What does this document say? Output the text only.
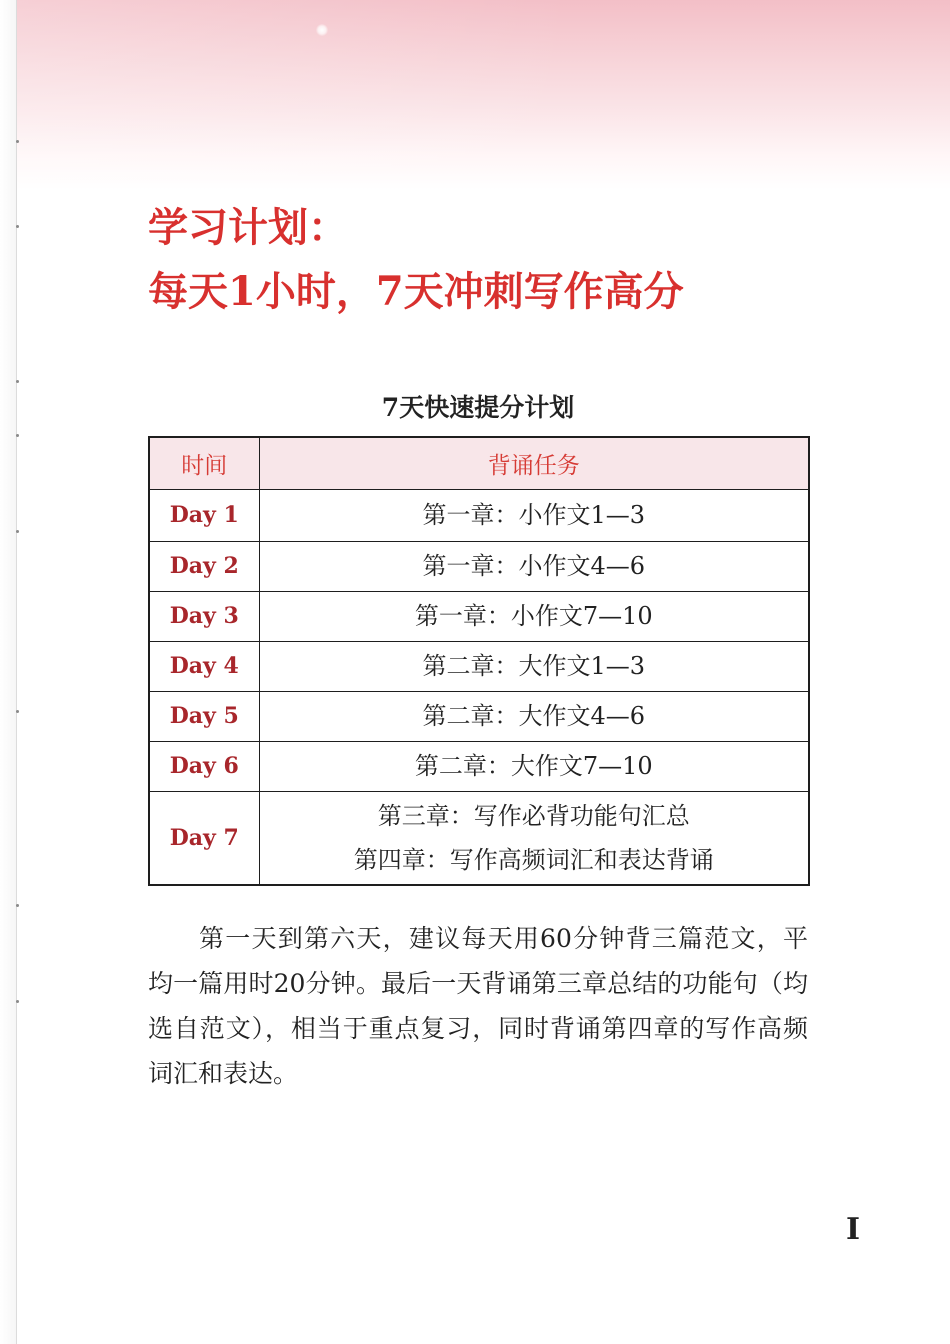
学习计划：
每天1小时，7天冲刺写作高分
7天快速提分计划
时间	背诵任务
Day 1	第一章：小作文1—3

Day 2	第一章：小作文4—6

Day 3	第一章：小作文7—10

Day 4	第二章：大作文1—3

Day 5	第二章：大作文4—6

Day 6	第二章：大作文7—10

Day 7	第三章：写作必背功能句汇总
第四章：写作高频词汇和表达背诵
第一天到第六天，建议每天用60分钟背三篇范文，平
均一篇用时20分钟。最后一天背诵第三章总结的功能句（均
选自范文），相当于重点复习，同时背诵第四章的写作高频
词汇和表达。
I
